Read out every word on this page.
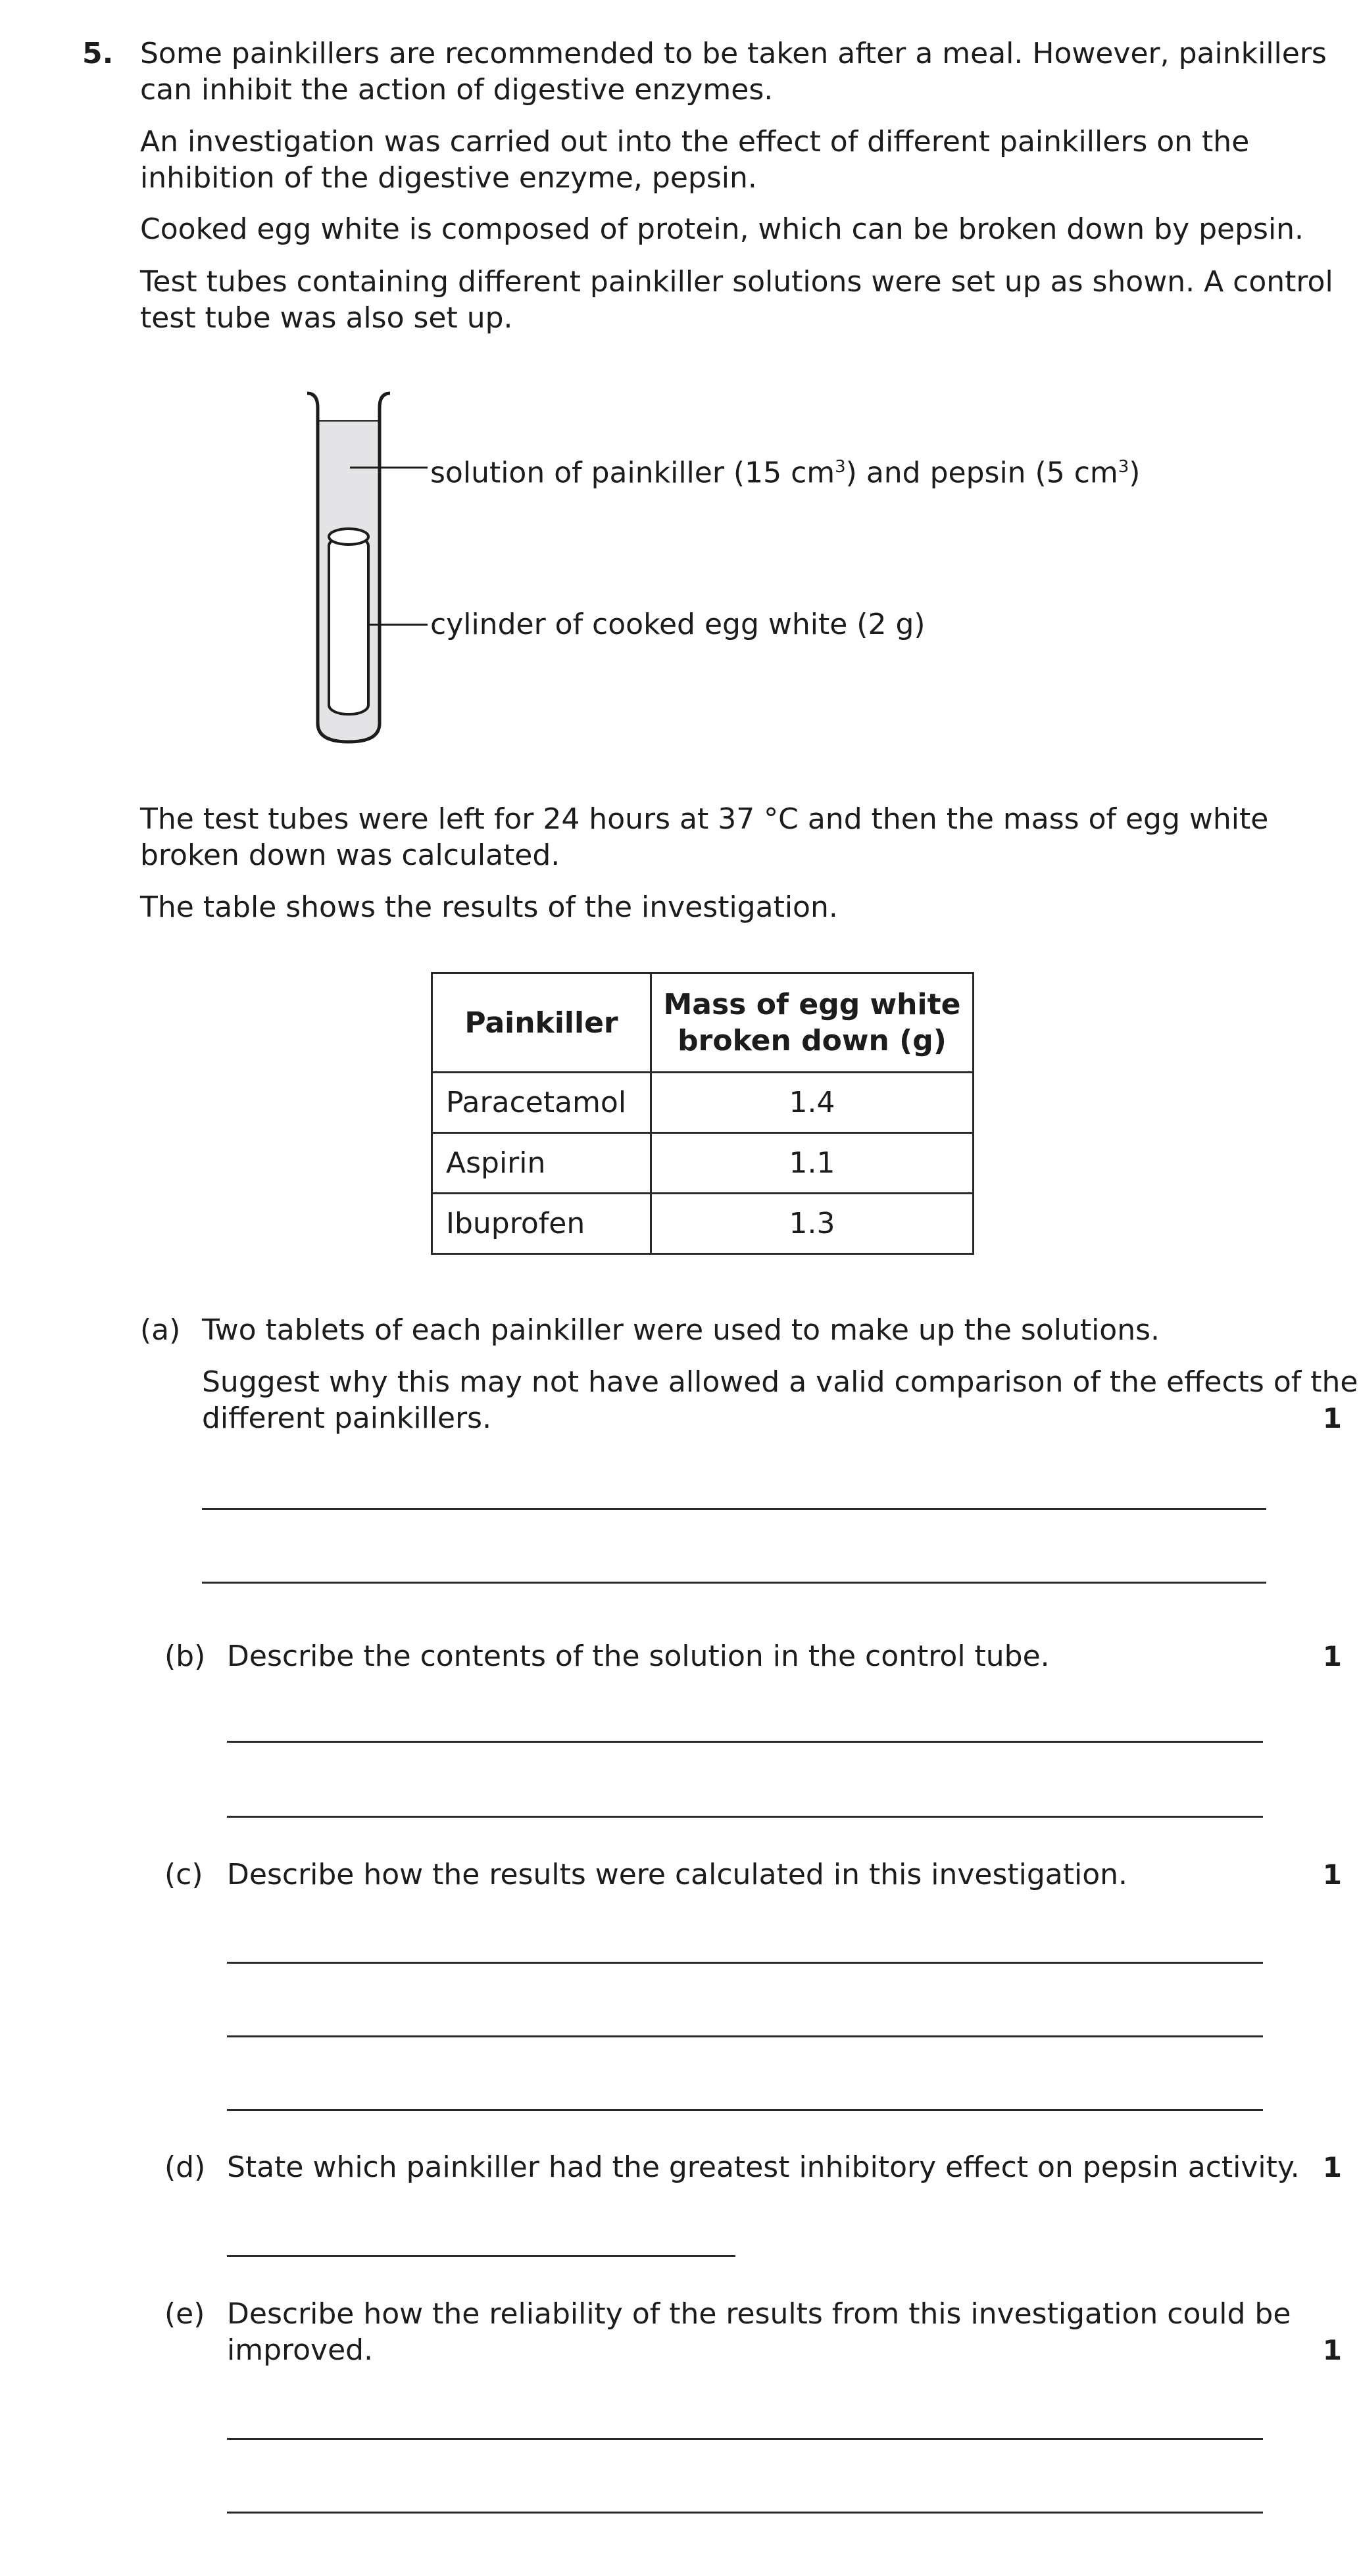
5. Some painkillers are recommended to be taken after a meal. However, painkillers
can inhibit the action of digestive enzymes.
An investigation was carried out into the effect of different painkillers on the
inhibition of the digestive enzyme, pepsin.
Cooked egg white is composed of protein, which can be broken down by pepsin.
Test tubes containing different painkiller solutions were set up as shown. A control
test tube was also set up.
solution of painkiller (15 $cm^3$) and pepsin (5 $cm^3$)
cylinder of cooked egg white (2 g)
The test tubes were left for 24 hours at 37 °C and then the mass of egg white
broken down was calculated.
The table shows the results of the investigation.
Painkiller	Mass of egg white
broken down (g)
Paracetamol	1.4
Aspirin	1.1
Ibuprofen	1.3
(a) Two tablets of each painkiller were used to make up the solutions.
Suggest why this may not have allowed a valid comparison of the effects of the
different painkillers.	1
(b) Describe the contents of the solution in the control tube.	1
(c) Describe how the results were calculated in this investigation.	1
(d) State which painkiller had the greatest inhibitory effect on pepsin activity. 1
(e) Describe how the reliability of the results from this investigation could be
improved.	1
